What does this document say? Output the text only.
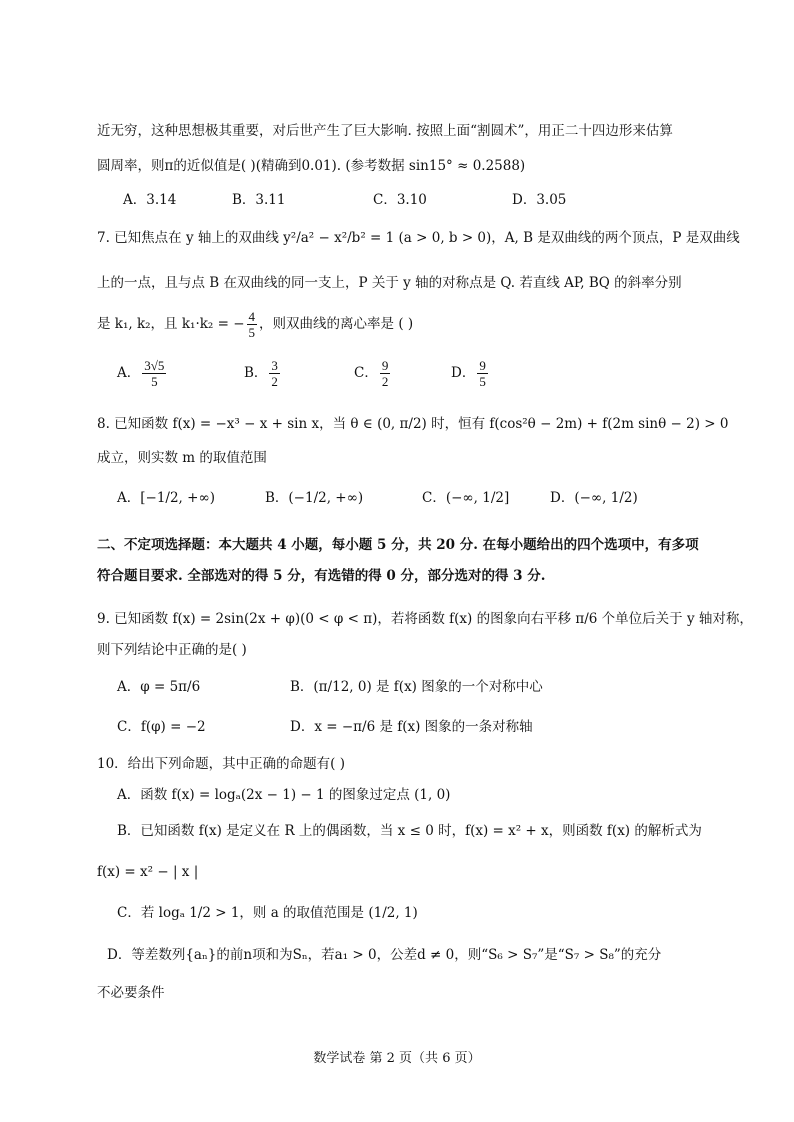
近无穷，这种思想极其重要，对后世产生了巨大影响. 按照上面“割圆术”，用正二十四边形来估算
圆周率，则π的近似值是( )(精确到0.01). (参考数据 sin15° ≈ 0.2588)
A．3.14	B．3.11	C．3.10	D．3.05
7. 已知焦点在 y 轴上的双曲线 y²/a² − x²/b² = 1 (a > 0, b > 0)，A, B 是双曲线的两个顶点，P 是双曲线
上的一点，且与点 B 在双曲线的同一支上，P 关于 y 轴的对称点是 Q. 若直线 AP, BQ 的斜率分别
是 k₁, k₂，且 k₁·k₂ = − $\frac{4}{5}$ ，则双曲线的离心率是 ( )
A． $\frac{3√5}{5}$	B． $\frac{3}{2}$	C． $\frac{9}{2}$	D． $\frac{9}{5}$
8. 已知函数 f(x) = −x³ − x + sin x，当 θ ∈ (0, π/2) 时，恒有 f(cos²θ − 2m) + f(2m sinθ − 2) > 0
成立，则实数 m 的取值范围
A．[−1/2, +∞)	B．(−1/2, +∞)	C．(−∞, 1/2]	D．(−∞, 1/2)
二、不定项选择题：本大题共 4 小题，每小题 5 分，共 20 分. 在每小题给出的四个选项中，有多项
符合题目要求. 全部选对的得 5 分，有选错的得 0 分，部分选对的得 3 分.
9. 已知函数 f(x) = 2sin(2x + φ)(0 < φ < π)，若将函数 f(x) 的图象向右平移 π/6 个单位后关于 y 轴对称，
则下列结论中正确的是( )
A．φ = 5π/6	B．(π/12, 0) 是 f(x) 图象的一个对称中心
C．f(φ) = −2	D．x = −π/6 是 f(x) 图象的一条对称轴
10．给出下列命题，其中正确的命题有( )
A．函数 f(x) = logₐ(2x − 1) − 1 的图象过定点 (1, 0)
B．已知函数 f(x) 是定义在 R 上的偶函数，当 x ≤ 0 时，f(x) = x² + x，则函数 f(x) 的解析式为
f(x) = x² − | x |
C．若 logₐ 1/2 > 1，则 a 的取值范围是 (1/2, 1)
D．等差数列{aₙ}的前n项和为Sₙ，若a₁ > 0，公差d ≠ 0，则“S₆ > S₇”是“S₇ > S₈”的充分
不必要条件
数学试卷 第 2 页（共 6 页）
